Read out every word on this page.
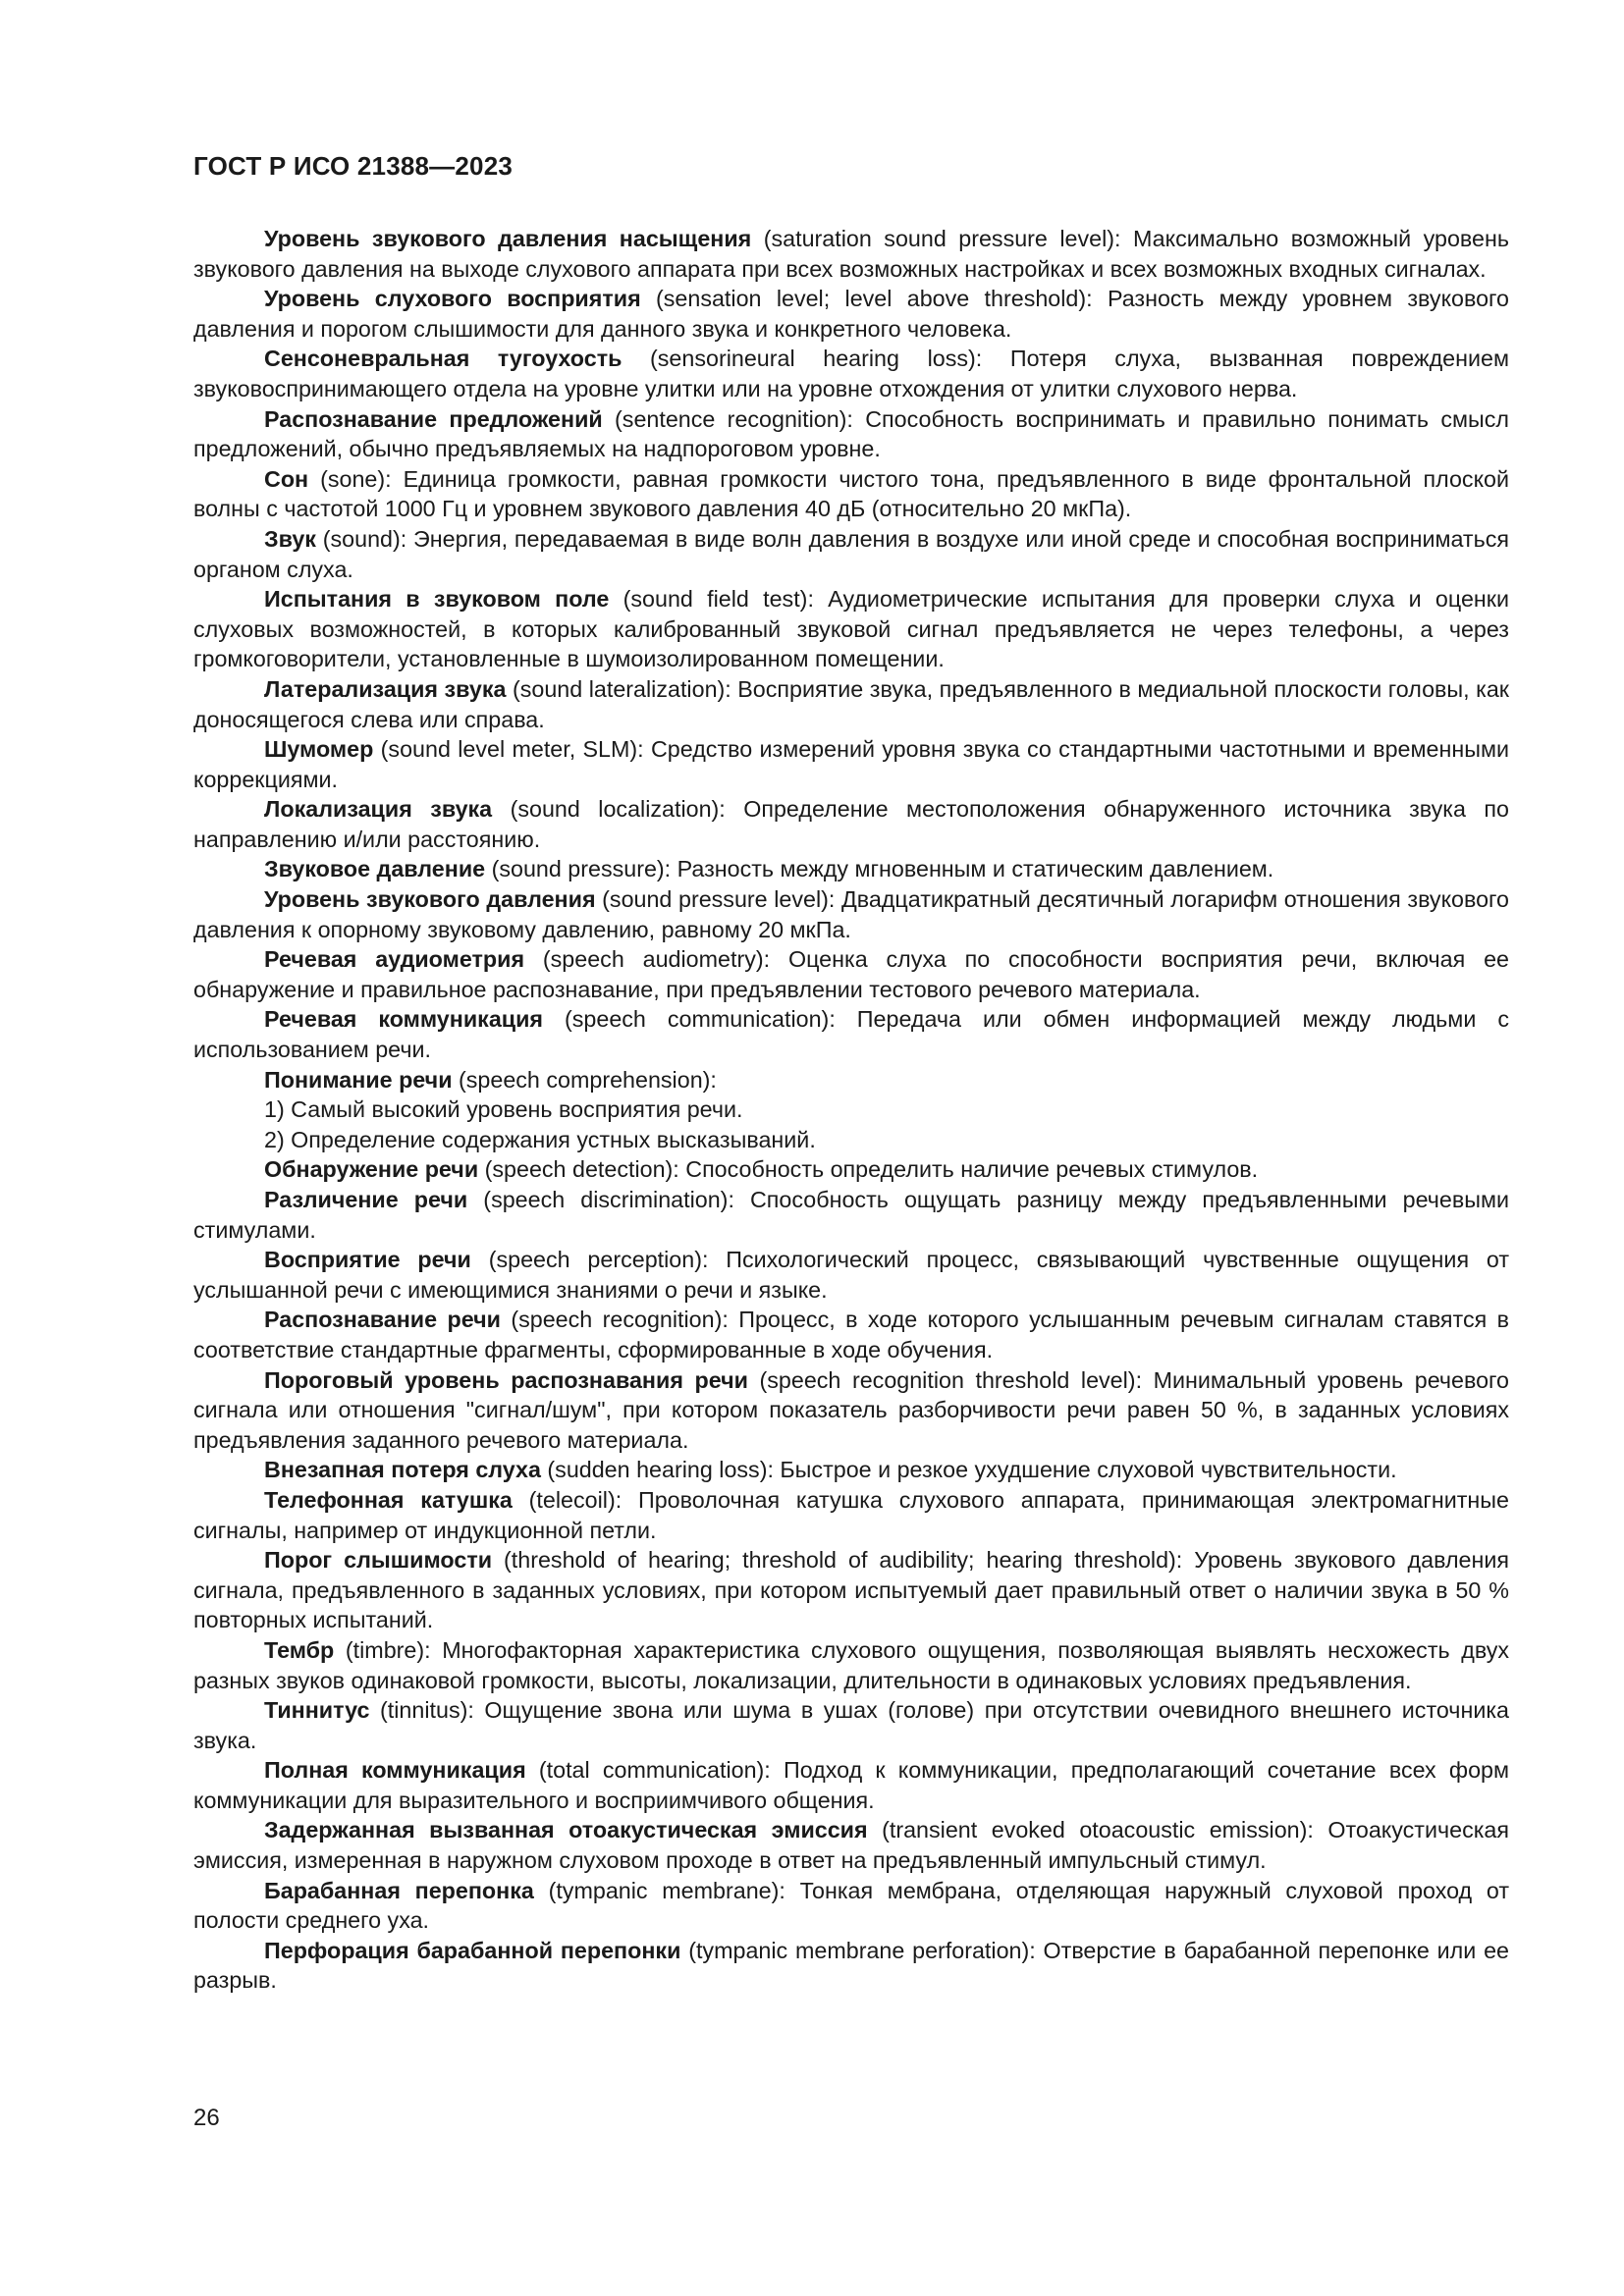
ГОСТ Р ИСО 21388—2023

Уровень звукового давления насыщения (saturation sound pressure level): Максимально возможный уровень звукового давления на выходе слухового аппарата при всех возможных настройках и всех возможных входных сигналах.

Уровень слухового восприятия (sensation level; level above threshold): Разность между уровнем звукового давления и порогом слышимости для данного звука и конкретного человека.

Сенсоневральная тугоухость (sensorineural hearing loss): Потеря слуха, вызванная повреждением звуковоспринимающего отдела на уровне улитки или на уровне отхождения от улитки слухового нерва.

Распознавание предложений (sentence recognition): Способность воспринимать и правильно понимать смысл предложений, обычно предъявляемых на надпороговом уровне.

Сон (sone): Единица громкости, равная громкости чистого тона, предъявленного в виде фронтальной плоской волны с частотой 1000 Гц и уровнем звукового давления 40 дБ (относительно 20 мкПа).

Звук (sound): Энергия, передаваемая в виде волн давления в воздухе или иной среде и способная восприниматься органом слуха.

Испытания в звуковом поле (sound field test): Аудиометрические испытания для проверки слуха и оценки слуховых возможностей, в которых калиброванный звуковой сигнал предъявляется не через телефоны, а через громкоговорители, установленные в шумоизолированном помещении.

Латерализация звука (sound lateralization): Восприятие звука, предъявленного в медиальной плоскости головы, как доносящегося слева или справа.

Шумомер (sound level meter, SLM): Средство измерений уровня звука со стандартными частотными и временными коррекциями.

Локализация звука (sound localization): Определение местоположения обнаруженного источника звука по направлению и/или расстоянию.

Звуковое давление (sound pressure): Разность между мгновенным и статическим давлением.

Уровень звукового давления (sound pressure level): Двадцатикратный десятичный логарифм отношения звукового давления к опорному звуковому давлению, равному 20 мкПа.

Речевая аудиометрия (speech audiometry): Оценка слуха по способности восприятия речи, включая ее обнаружение и правильное распознавание, при предъявлении тестового речевого материала.

Речевая коммуникация (speech communication): Передача или обмен информацией между людьми с использованием речи.

Понимание речи (speech comprehension):

1) Самый высокий уровень восприятия речи.

2) Определение содержания устных высказываний.

Обнаружение речи (speech detection): Способность определить наличие речевых стимулов.

Различение речи (speech discrimination): Способность ощущать разницу между предъявленными речевыми стимулами.

Восприятие речи (speech perception): Психологический процесс, связывающий чувственные ощущения от услышанной речи с имеющимися знаниями о речи и языке.

Распознавание речи (speech recognition): Процесс, в ходе которого услышанным речевым сигналам ставятся в соответствие стандартные фрагменты, сформированные в ходе обучения.

Пороговый уровень распознавания речи (speech recognition threshold level): Минимальный уровень речевого сигнала или отношения "сигнал/шум", при котором показатель разборчивости речи равен 50 %, в заданных условиях предъявления заданного речевого материала.

Внезапная потеря слуха (sudden hearing loss): Быстрое и резкое ухудшение слуховой чувствительности.

Телефонная катушка (telecoil): Проволочная катушка слухового аппарата, принимающая электромагнитные сигналы, например от индукционной петли.

Порог слышимости (threshold of hearing; threshold of audibility; hearing threshold): Уровень звукового давления сигнала, предъявленного в заданных условиях, при котором испытуемый дает правильный ответ о наличии звука в 50 % повторных испытаний.

Тембр (timbre): Многофакторная характеристика слухового ощущения, позволяющая выявлять несхожесть двух разных звуков одинаковой громкости, высоты, локализации, длительности в одинаковых условиях предъявления.

Тиннитус (tinnitus): Ощущение звона или шума в ушах (голове) при отсутствии очевидного внешнего источника звука.

Полная коммуникация (total communication): Подход к коммуникации, предполагающий сочетание всех форм коммуникации для выразительного и восприимчивого общения.

Задержанная вызванная отоакустическая эмиссия (transient evoked otoacoustic emission): Отоакустическая эмиссия, измеренная в наружном слуховом проходе в ответ на предъявленный импульсный стимул.

Барабанная перепонка (tympanic membrane): Тонкая мембрана, отделяющая наружный слуховой проход от полости среднего уха.

Перфорация барабанной перепонки (tympanic membrane perforation): Отверстие в барабанной перепонке или ее разрыв.

26
